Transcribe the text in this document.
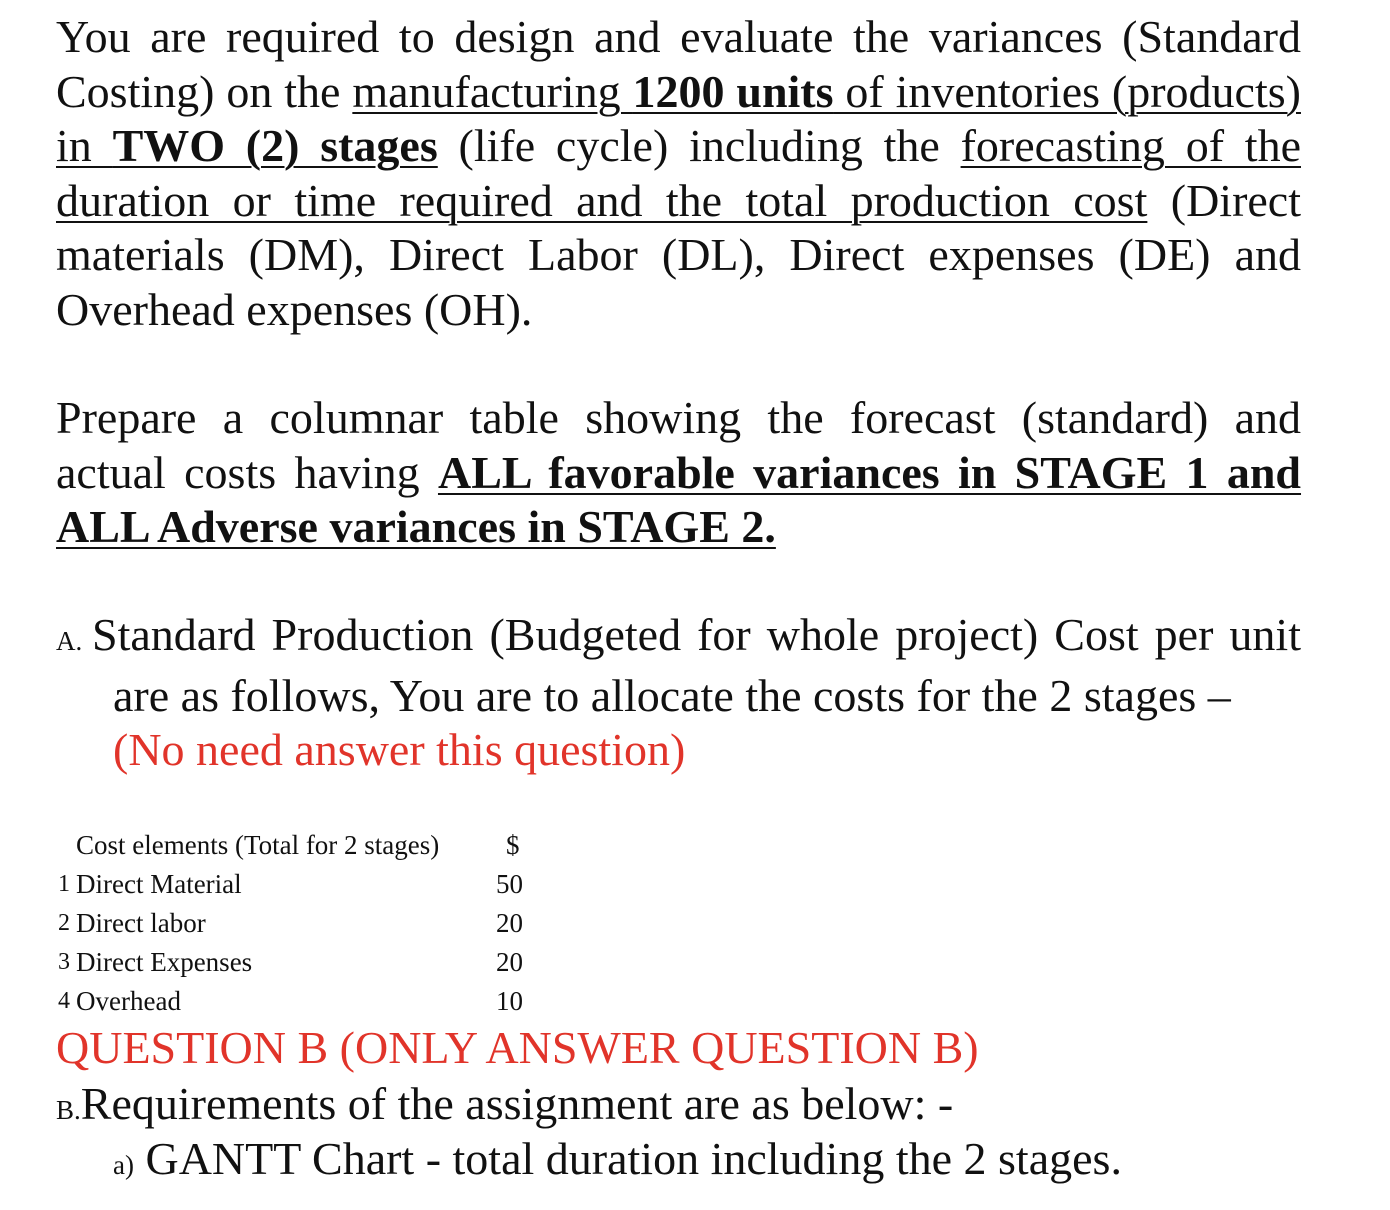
You are required to design and evaluate the variances (Standard Costing) on the manufacturing 1200 units of inventories (products) in TWO (2) stages (life cycle) including the forecasting of the duration or time required and the total production cost (Direct materials (DM), Direct Labor (DL), Direct expenses (DE) and Overhead expenses (OH).

Prepare a columnar table showing the forecast (standard) and actual costs having ALL favorable variances in STAGE 1 and ALL Adverse variances in STAGE 2.

A. Standard Production (Budgeted for whole project) Cost per unit
are as follows, You are to allocate the costs for the 2 stages –
(No need answer this question)
Cost elements (Total for 2 stages) $
1 Direct Material	50
2 Direct labor	20
3 Direct Expenses	20
4 Overhead	10

QUESTION B (ONLY ANSWER QUESTION B)

B.Requirements of the assignment are as below: -

a) GANTT Chart - total duration including the 2 stages.
